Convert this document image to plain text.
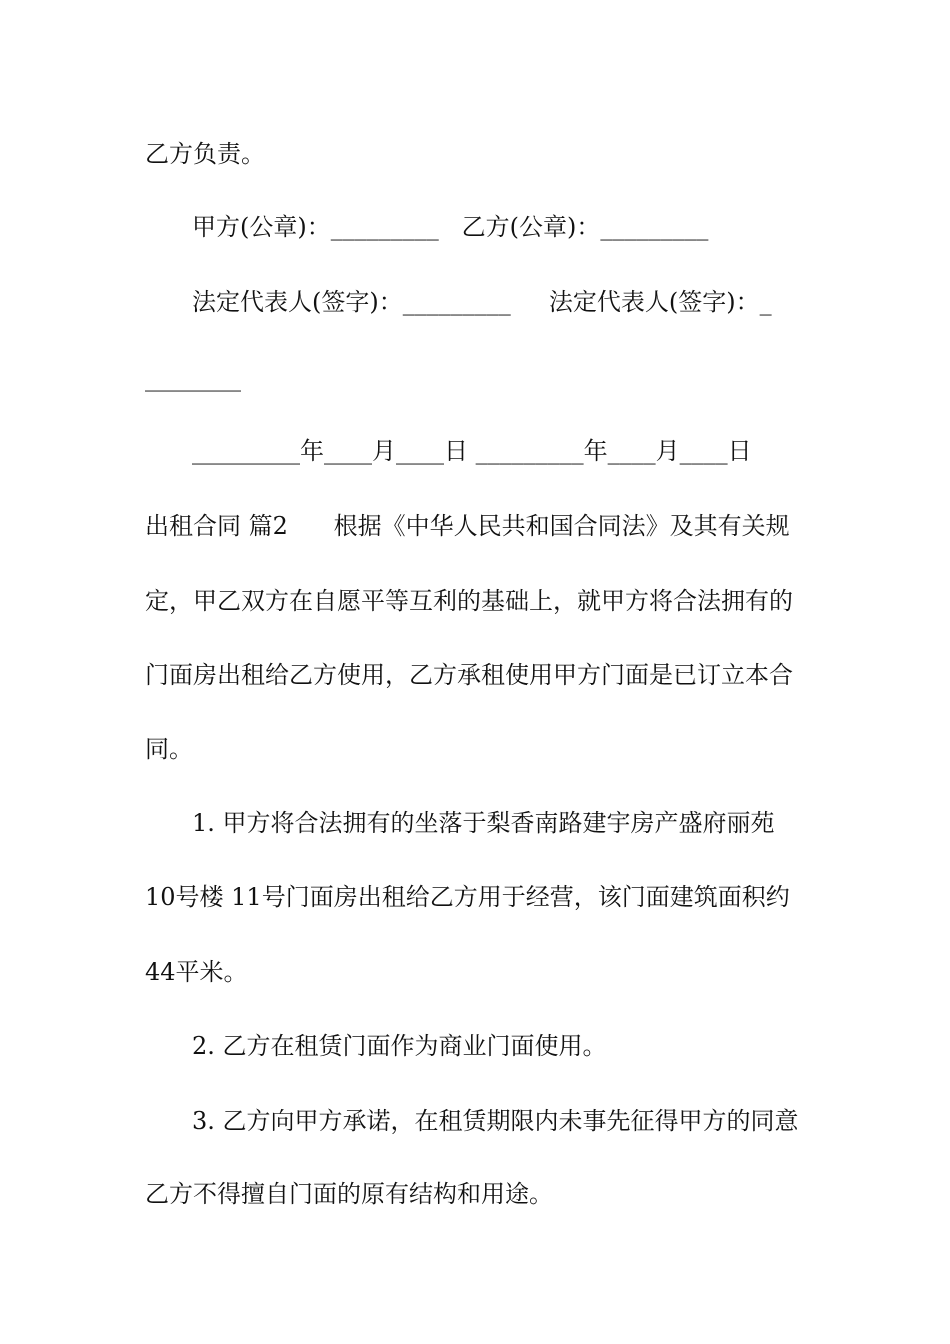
乙方负责。
甲方(公章)：_________   乙方(公章)：_________
法定代表人(签字)：_________     法定代表人(签字)：_
________
_________年____月____日 _________年____月____日
出租合同 篇2      根据《中华人民共和国合同法》及其有关规
定，甲乙双方在自愿平等互利的基础上，就甲方将合法拥有的
门面房出租给乙方使用，乙方承租使用甲方门面是已订立本合
同。
1. 甲方将合法拥有的坐落于梨香南路建宇房产盛府丽苑
10号楼 11号门面房出租给乙方用于经营，该门面建筑面积约
44平米。
2. 乙方在租赁门面作为商业门面使用。
3. 乙方向甲方承诺，在租赁期限内未事先征得甲方的同意
乙方不得擅自门面的原有结构和用途。
